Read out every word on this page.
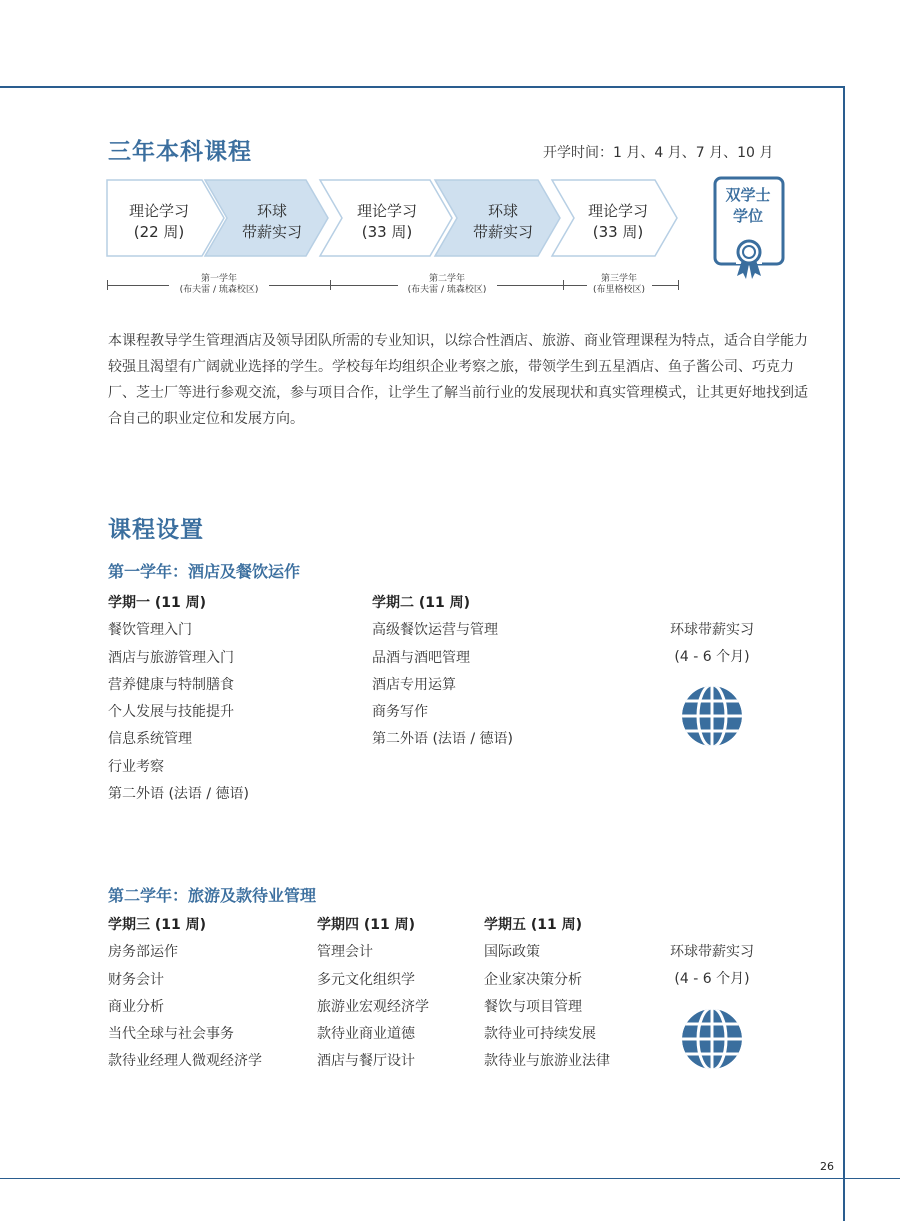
26
三年本科课程	开学时间：1 月、4 月、7 月、10 月
理论学习
(22 周)
环球
带薪实习
理论学习
(33 周)
环球
带薪实习
理论学习
(33 周)
双学士
学位
第一学年
(布夫雷 / 琉森校区)
第二学年
(布夫雷 / 琉森校区)
第三学年
(布里格校区)
本课程教导学生管理酒店及领导团队所需的专业知识，以综合性酒店、旅游、商业管理课程为特点，适合自学能力较强且渴望有广阔就业选择的学生。学校每年均组织企业考察之旅，带领学生到五星酒店、鱼子酱公司、巧克力厂、芝士厂等进行参观交流，参与项目合作，让学生了解当前行业的发展现状和真实管理模式，让其更好地找到适合自己的职业定位和发展方向。
课程设置
第一学年：酒店及餐饮运作
学期一 (11 周)
餐饮管理入门
酒店与旅游管理入门
营养健康与特制膳食
个人发展与技能提升
信息系统管理
行业考察
第二外语 (法语 / 德语)
学期二 (11 周)
高级餐饮运营与管理
品酒与酒吧管理
酒店专用运算
商务写作
第二外语 (法语 / 德语)
环球带薪实习
(4 - 6 个月)
第二学年：旅游及款待业管理
学期三 (11 周)
房务部运作
财务会计
商业分析
当代全球与社会事务
款待业经理人微观经济学
学期四 (11 周)
管理会计
多元文化组织学
旅游业宏观经济学
款待业商业道德
酒店与餐厅设计
学期五 (11 周)
国际政策
企业家决策分析
餐饮与项目管理
款待业可持续发展
款待业与旅游业法律
环球带薪实习
(4 - 6 个月)
